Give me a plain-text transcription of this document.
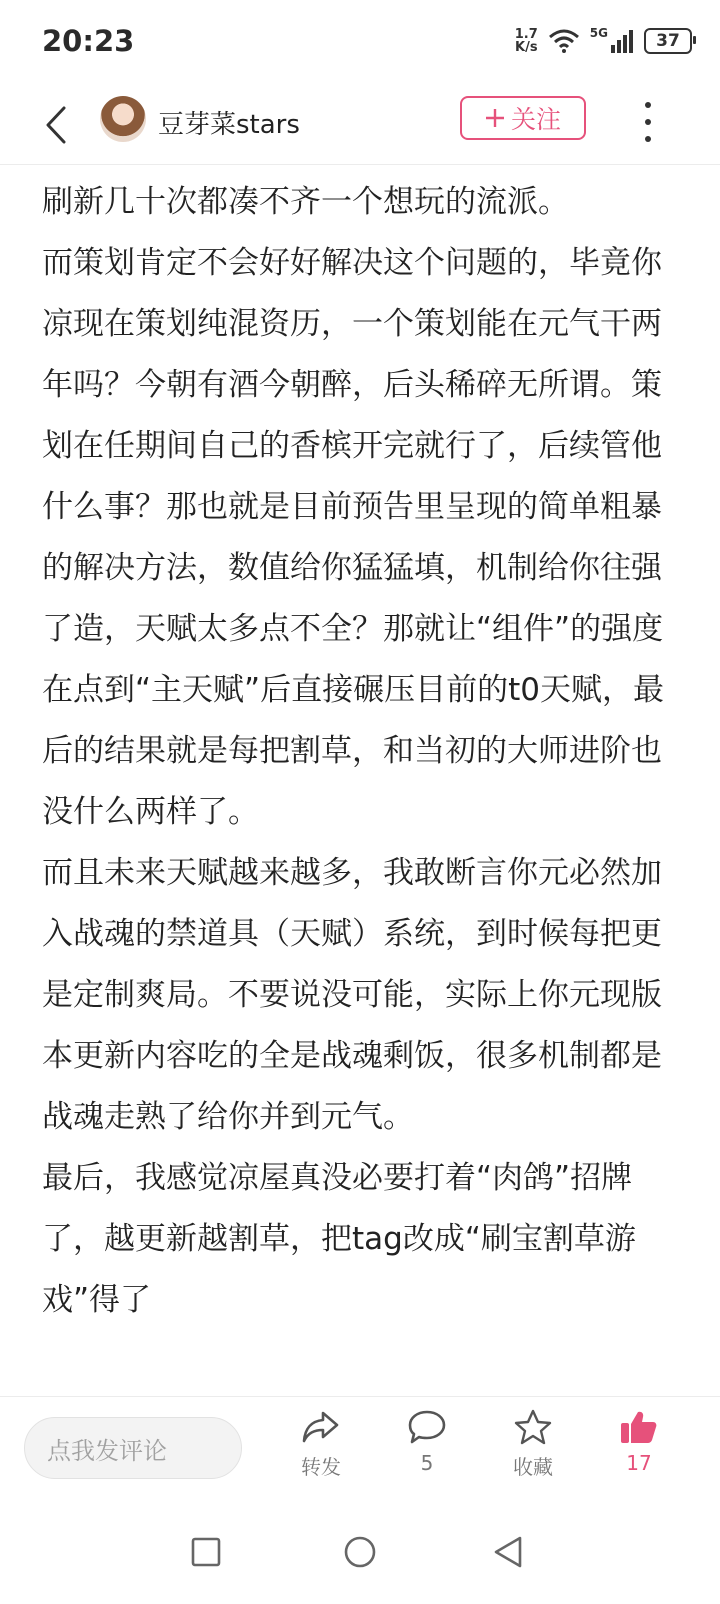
20:23	1.7
K/s
5G	37
豆芽菜stars	关注

刷新几十次都凑不齐一个想玩的流派。

而策划肯定不会好好解决这个问题的，毕竟你凉现在策划纯混资历，一个策划能在元气干两年吗？今朝有酒今朝醉，后头稀碎无所谓。策划在任期间自己的香槟开完就行了，后续管他什么事？那也就是目前预告里呈现的简单粗暴的解决方法，数值给你猛猛填，机制给你往强了造，天赋太多点不全？那就让“组件”的强度在点到“主天赋”后直接碾压目前的t0天赋，最后的结果就是每把割草，和当初的大师进阶也没什么两样了。

而且未来天赋越来越多，我敢断言你元必然加入战魂的禁道具（天赋）系统，到时候每把更是定制爽局。不要说没可能，实际上你元现版本更新内容吃的全是战魂剩饭，很多机制都是战魂走熟了给你并到元气。

最后，我感觉凉屋真没必要打着“肉鸽”招牌了，越更新越割草，把tag改成“刷宝割草游戏”得了

点我发评论
转发	5	收藏	17
